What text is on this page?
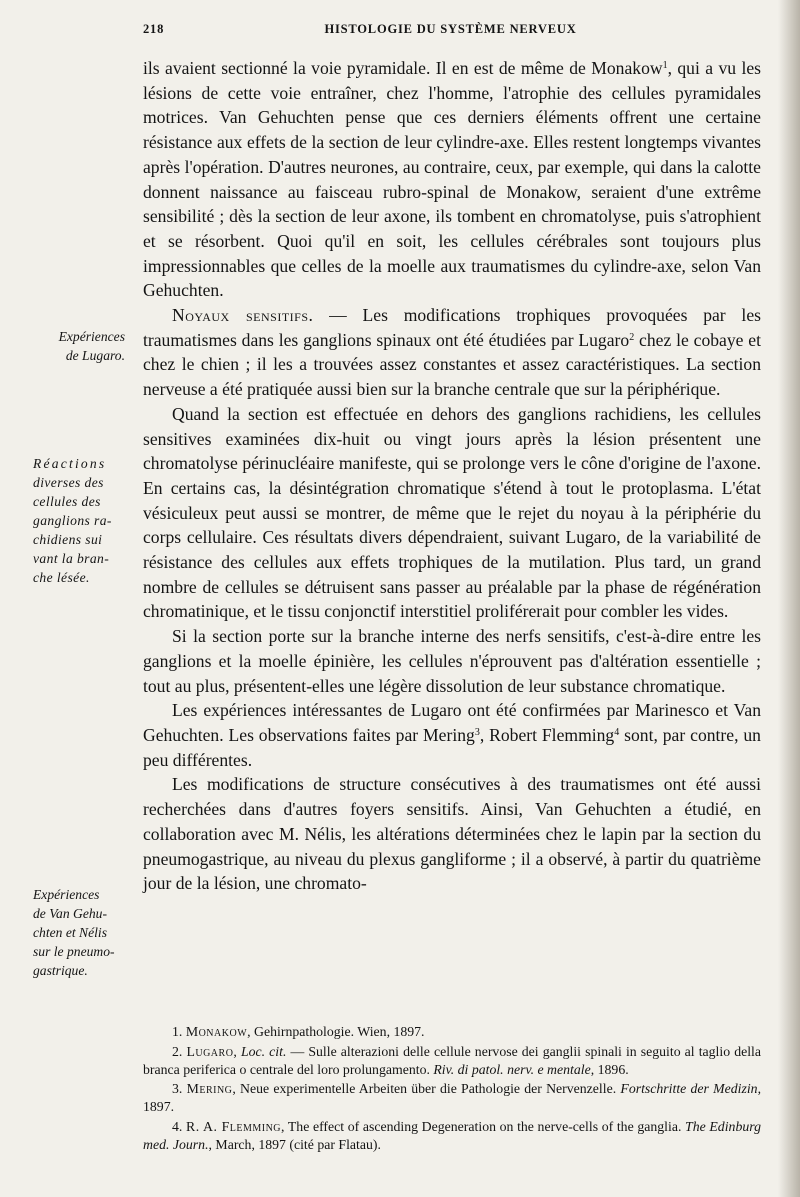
218	HISTOLOGIE DU SYSTÈME NERVEUX
Expériences
de Lugaro.
Réactions
diverses des
cellules des
ganglions ra-
chidiens sui
vant la bran-
che lésée.
Expériences
de Van Gehu-
chten et Nélis
sur le pneumo-
gastrique.

ils avaient sectionné la voie pyramidale. Il en est de même de Monakow$^1$, qui a vu les lésions de cette voie entraîner, chez l'homme, l'atrophie des cellules pyramidales motrices. Van Gehuchten pense que ces derniers éléments offrent une certaine résistance aux effets de la section de leur cylindre-axe. Elles restent longtemps vivantes après l'opération. D'autres neurones, au contraire, ceux, par exemple, qui dans la calotte donnent naissance au faisceau rubro-spinal de Monakow, seraient d'une extrême sensibilité ; dès la section de leur axone, ils tombent en chromatolyse, puis s'atrophient et se résorbent. Quoi qu'il en soit, les cellules cérébrales sont toujours plus impressionnables que celles de la moelle aux traumatismes du cylindre-axe, selon Van Gehuchten.

Noyaux sensitifs. — Les modifications trophiques provoquées par les traumatismes dans les ganglions spinaux ont été étudiées par Lugaro$^2$ chez le cobaye et chez le chien ; il les a trouvées assez constantes et assez caractéristiques. La section nerveuse a été pratiquée aussi bien sur la branche centrale que sur la périphérique.

Quand la section est effectuée en dehors des ganglions rachidiens, les cellules sensitives examinées dix-huit ou vingt jours après la lésion présentent une chromatolyse périnucléaire manifeste, qui se prolonge vers le cône d'origine de l'axone. En certains cas, la désintégration chromatique s'étend à tout le protoplasma. L'état vésiculeux peut aussi se montrer, de même que le rejet du noyau à la périphérie du corps cellulaire. Ces résultats divers dépendraient, suivant Lugaro, de la variabilité de résistance des cellules aux effets trophiques de la mutilation. Plus tard, un grand nombre de cellules se détruisent sans passer au préalable par la phase de régénération chromatinique, et le tissu conjonctif interstitiel proliférerait pour combler les vides.

Si la section porte sur la branche interne des nerfs sensitifs, c'est-à-dire entre les ganglions et la moelle épinière, les cellules n'éprouvent pas d'altération essentielle ; tout au plus, présentent-elles une légère dissolution de leur substance chromatique.

Les expériences intéressantes de Lugaro ont été confirmées par Marinesco et Van Gehuchten. Les observations faites par Mering$^3$, Robert Flemming$^4$ sont, par contre, un peu différentes.

Les modifications de structure consécutives à des traumatismes ont été aussi recherchées dans d'autres foyers sensitifs. Ainsi, Van Gehuchten a étudié, en collaboration avec M. Nélis, les altérations déterminées chez le lapin par la section du pneumogastrique, au niveau du plexus gangliforme ; il a observé, à partir du quatrième jour de la lésion, une chromato-

1. Monakow, Gehirnpathologie. Wien, 1897.

2. Lugaro, Loc. cit. — Sulle alterazioni delle cellule nervose dei ganglii spinali in seguito al taglio della branca periferica o centrale del loro prolungamento. Riv. di patol. nerv. e mentale, 1896.

3. Mering, Neue experimentelle Arbeiten über die Pathologie der Nervenzelle. Fortschritte der Medizin, 1897.

4. R. A. Flemming, The effect of ascending Degeneration on the nerve-cells of the ganglia. The Edinburg med. Journ., March, 1897 (cité par Flatau).
